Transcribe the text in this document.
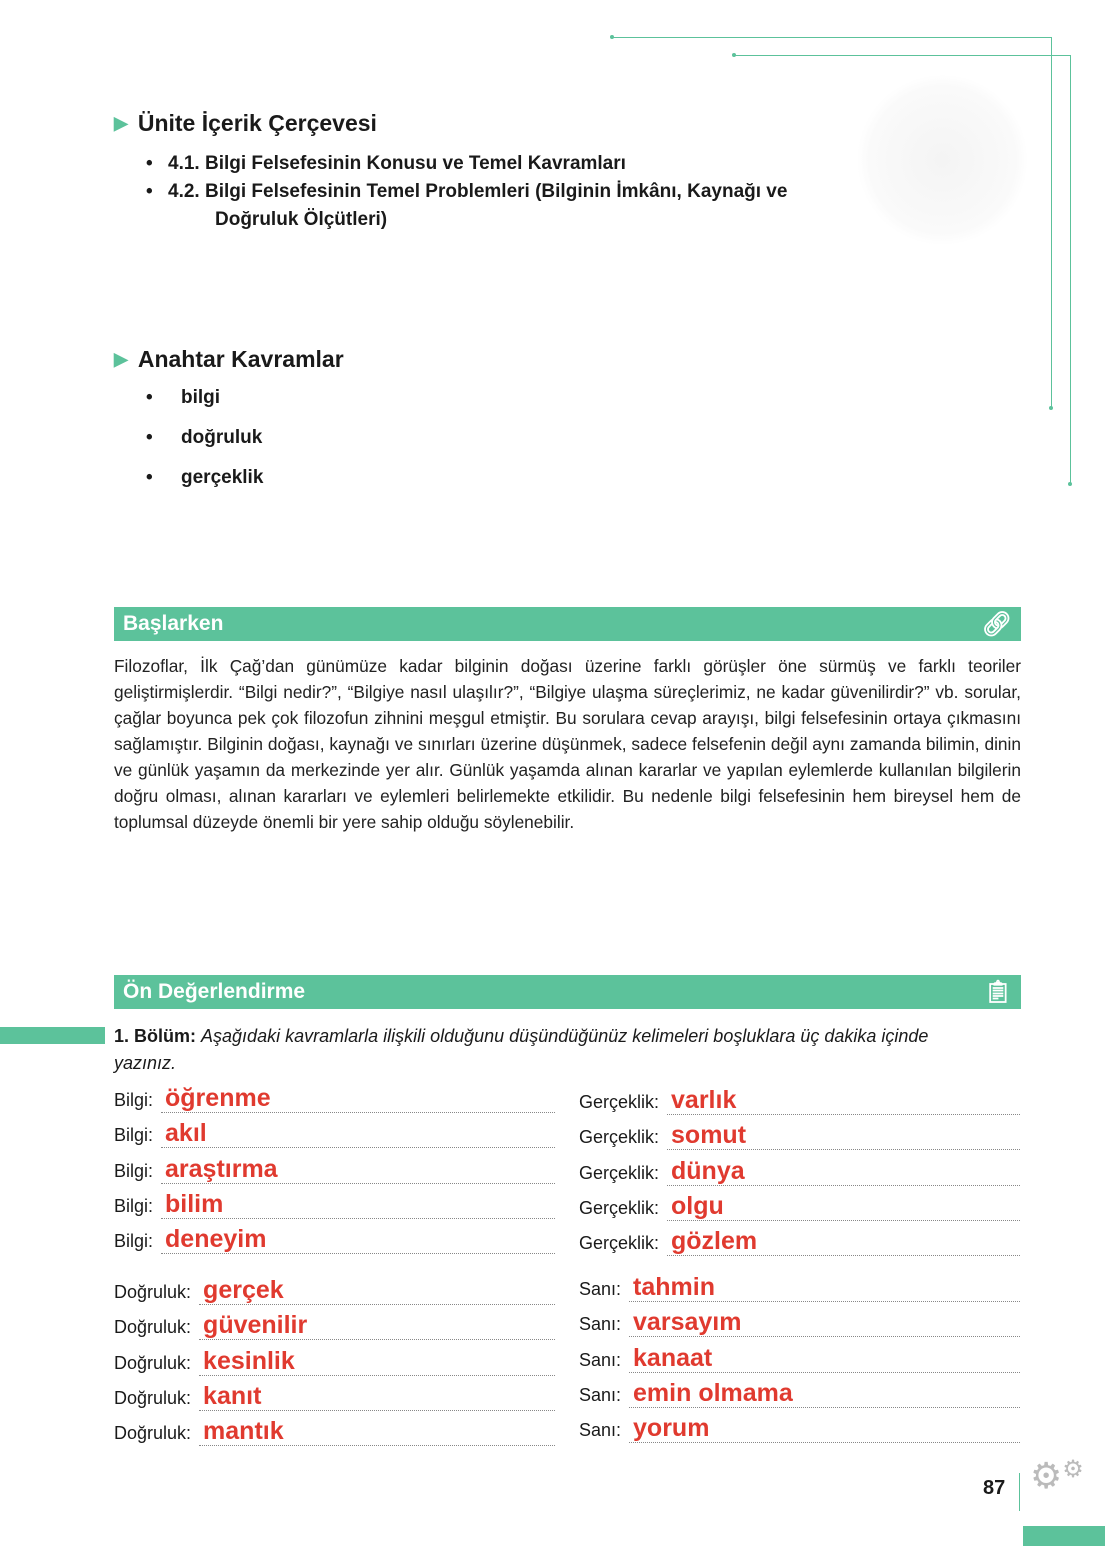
▶ Ünite İçerik Çerçevesi
• 4.1. Bilgi Felsefesinin Konusu ve Temel Kavramları
• 4.2. Bilgi Felsefesinin Temel Problemleri (Bilginin İmkânı, Kaynağı ve
Doğruluk Ölçütleri)
▶ Anahtar Kavramlar
•	bilgi
•	doğruluk
•	gerçeklik
Başlarken	🔗︎

Filozoflar, İlk Çağ’dan günümüze kadar bilginin doğası üzerine farklı görüşler öne sürmüş ve farklı teoriler geliştirmişlerdir. “Bilgi nedir?”, “Bilgiye nasıl ulaşılır?”, “Bilgiye ulaşma süreçlerimiz, ne kadar güvenilirdir?” vb. sorular, çağlar boyunca pek çok filozofun zihnini meşgul etmiştir. Bu sorulara cevap arayışı, bilgi felsefesinin ortaya çıkmasını sağlamıştır. Bilginin doğası, kaynağı ve sınırları üzerine düşünmek, sadece felsefenin değil aynı zamanda bilimin, dinin ve günlük yaşamın da merkezinde yer alır. Günlük yaşamda alınan kararlar ve yapılan eylemlerde kullanılan bilgilerin doğru olması, alınan kararları ve eylemleri belirlemekte etkilidir. Bu nedenle bilgi felsefesinin hem bireysel hem de toplumsal düzeyde önemli bir yere sahip olduğu söylenebilir.

Ön Değerlendirme	📋︎
1. Bölüm: Aşağıdaki kavramlarla ilişkili olduğunu düşündüğünüz kelimeleri boşluklara üç dakika içinde yazınız.
Bilgi: öğrenme
Bilgi: akıl
Bilgi: araştırma
Bilgi: bilim
Bilgi: deneyim
Gerçeklik: varlık
Gerçeklik: somut
Gerçeklik: dünya
Gerçeklik: olgu
Gerçeklik: gözlem
Doğruluk: gerçek
Doğruluk: güvenilir
Doğruluk: kesinlik
Doğruluk: kanıt
Doğruluk: mantık
Sanı: tahmin
Sanı: varsayım
Sanı: kanaat
Sanı: emin olmama
Sanı: yorum
87 ⚙⚙
